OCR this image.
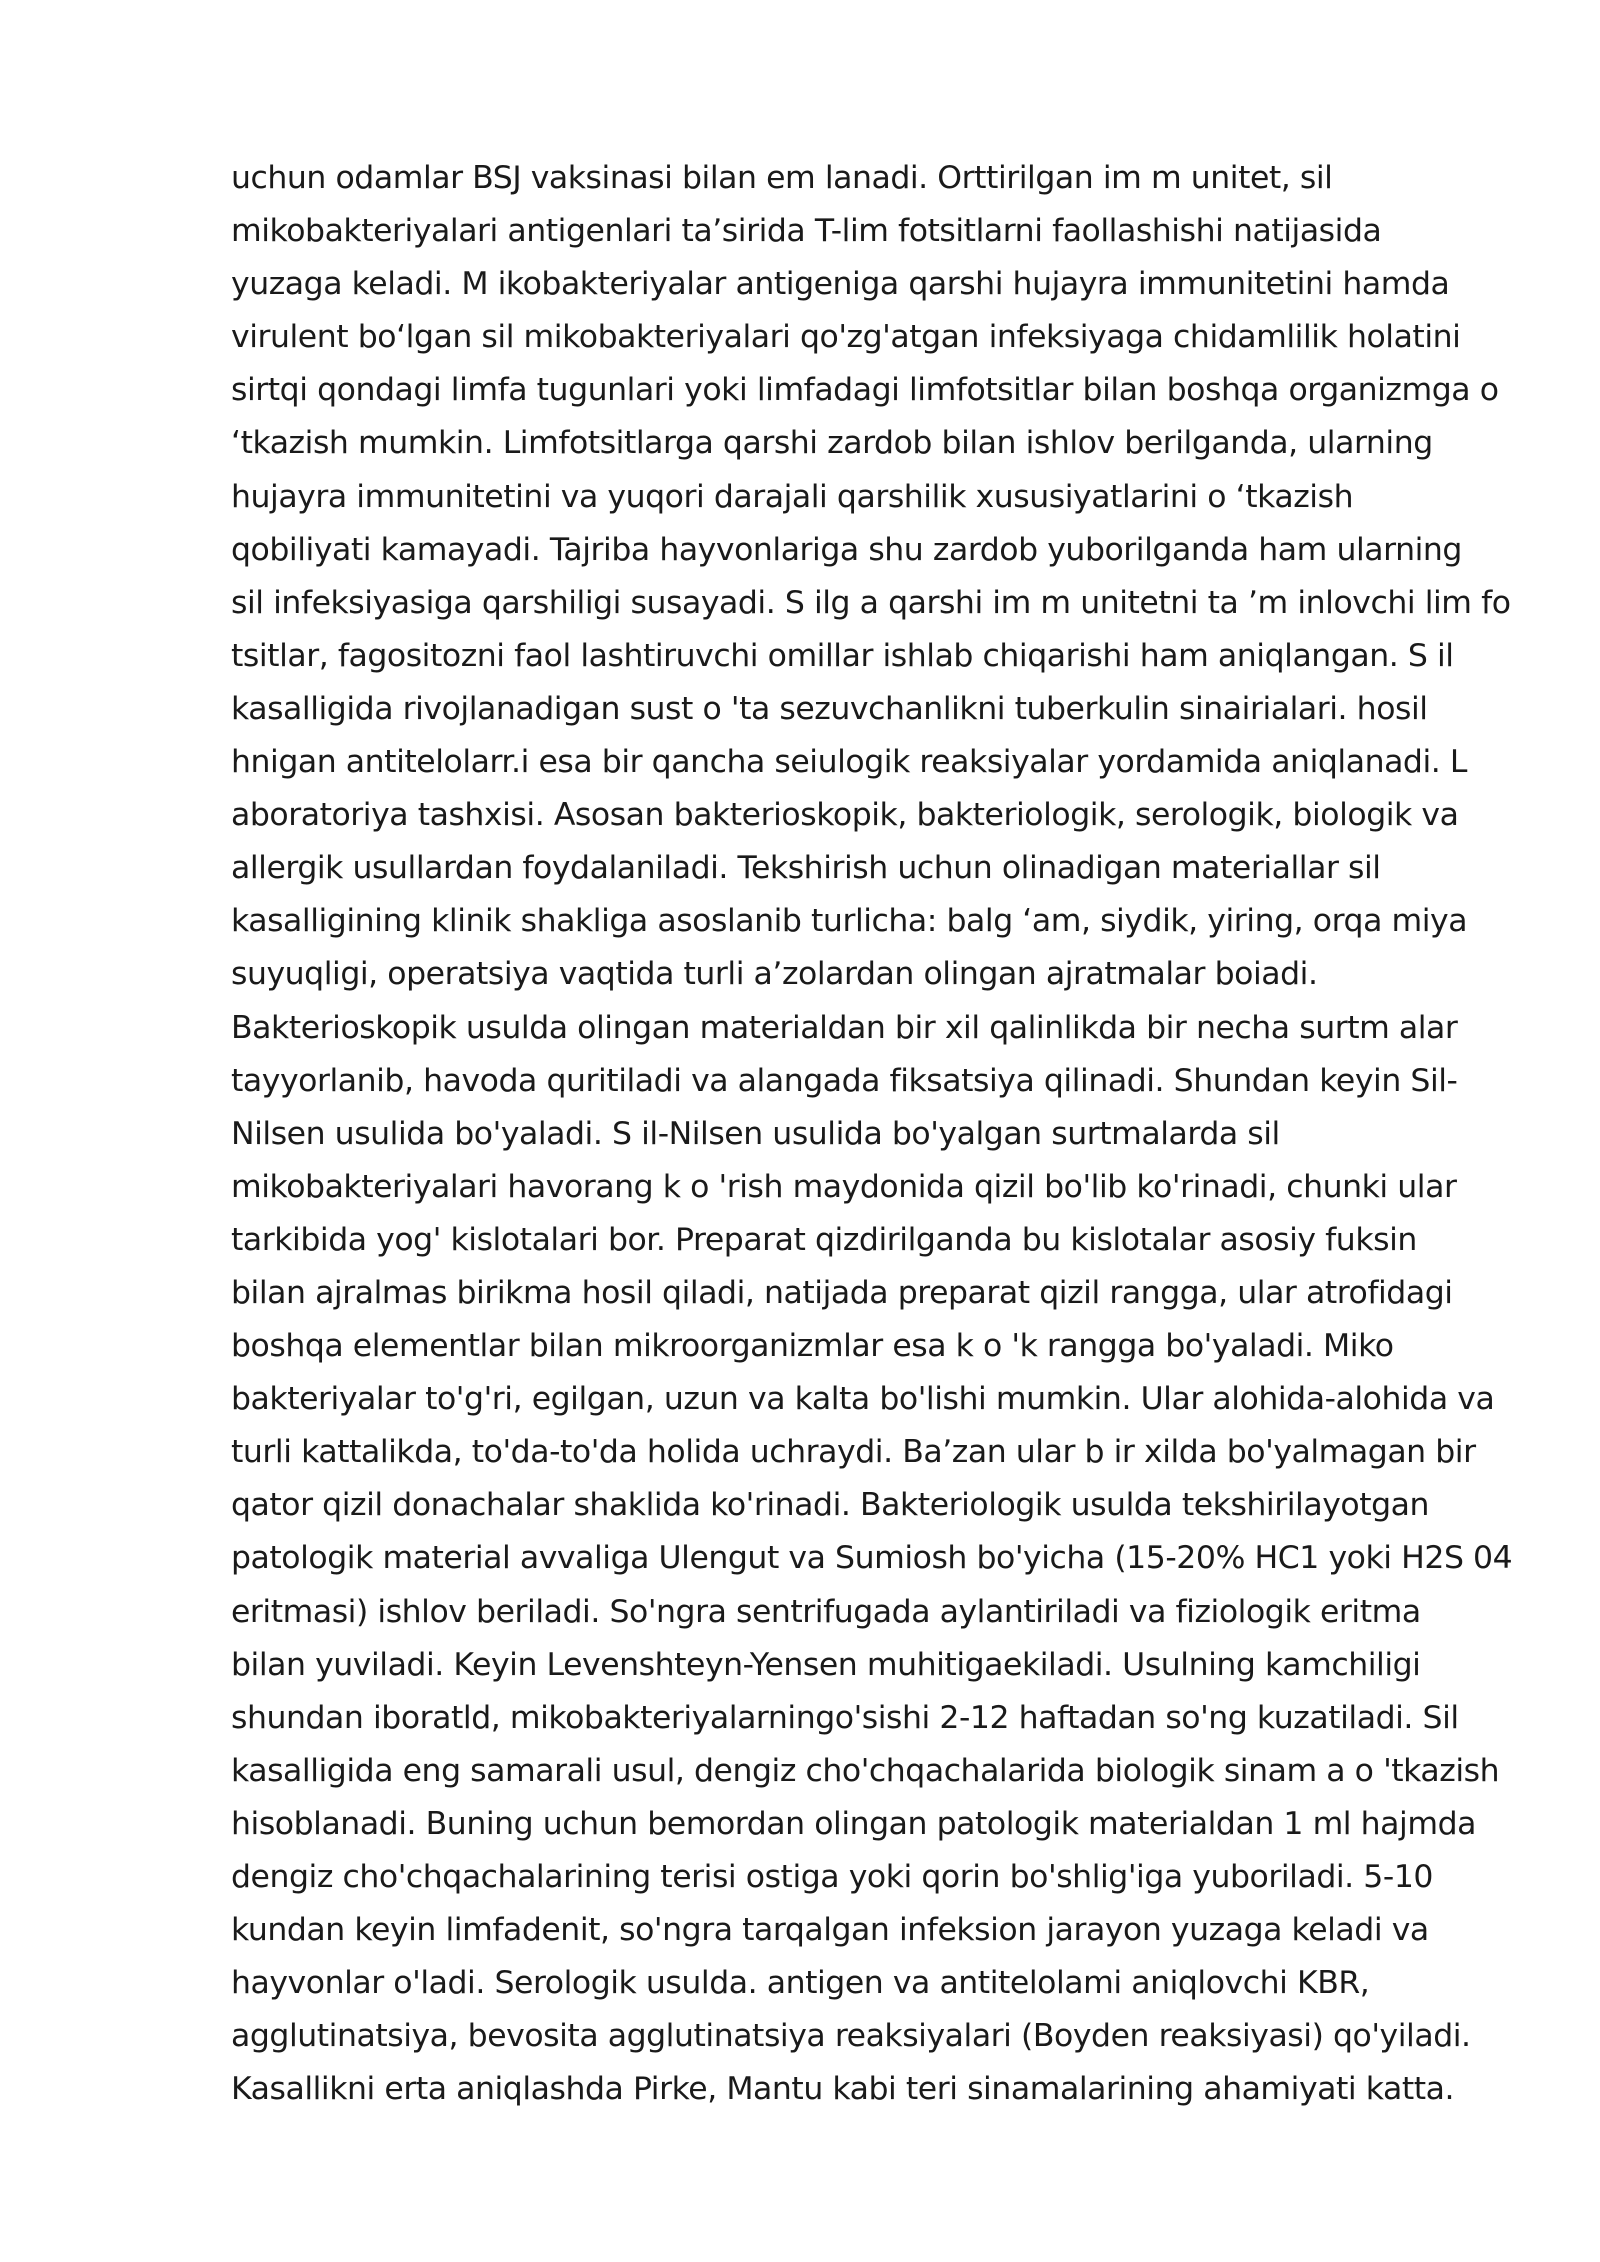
uchun odamlar BSJ vaksinasi bilan em lanadi. Orttirilgan im m unitet, sil
mikobakteriyalari antigenlari ta’sirida T-lim fotsitlarni faollashishi natijasida
yuzaga keladi. M ikobakteriyalar antigeniga qarshi hujayra immunitetini hamda
virulent bo‘lgan sil mikobakteriyalari qo'zg'atgan infeksiyaga chidamlilik holatini
sirtqi qondagi limfa tugunlari yoki limfadagi limfotsitlar bilan boshqa organizmga o
‘tkazish mumkin. Limfotsitlarga qarshi zardob bilan ishlov berilganda, ularning
hujayra immunitetini va yuqori darajali qarshilik xususiyatlarini o ‘tkazish
qobiliyati kamayadi. Tajriba hayvonlariga shu zardob yuborilganda ham ularning
sil infeksiyasiga qarshiligi susayadi. S ilg a qarshi im m unitetni ta ’m inlovchi lim fo
tsitlar, fagositozni faol lashtiruvchi omillar ishlab chiqarishi ham aniqlangan. S il
kasalligida rivojlanadigan sust o 'ta sezuvchanlikni tuberkulin sinairialari. hosil
hnigan antitelolarr.i esa bir qancha seiulogik reaksiyalar yordamida aniqlanadi. L
aboratoriya tashxisi. Asosan bakterioskopik, bakteriologik, serologik, biologik va
allergik usullardan foydalaniladi. Tekshirish uchun olinadigan materiallar sil
kasalligining klinik shakliga asoslanib turlicha: balg ‘am, siydik, yiring, orqa miya
suyuqligi, operatsiya vaqtida turli a’zolardan olingan ajratmalar boiadi.
Bakterioskopik usulda olingan materialdan bir xil qalinlikda bir necha surtm alar
tayyorlanib, havoda quritiladi va alangada fiksatsiya qilinadi. Shundan keyin Sil-
Nilsen usulida bo'yaladi. S il-Nilsen usulida bo'yalgan surtmalarda sil
mikobakteriyalari havorang k o 'rish maydonida qizil bo'lib ko'rinadi, chunki ular
tarkibida yog' kislotalari bor. Preparat qizdirilganda bu kislotalar asosiy fuksin
bilan ajralmas birikma hosil qiladi, natijada preparat qizil rangga, ular atrofidagi
boshqa elementlar bilan mikroorganizmlar esa k o 'k rangga bo'yaladi. Miko
bakteriyalar to'g'ri, egilgan, uzun va kalta bo'lishi mumkin. Ular alohida-alohida va
turli kattalikda, to'da-to'da holida uchraydi. Ba’zan ular b ir xilda bo'yalmagan bir
qator qizil donachalar shaklida ko'rinadi. Bakteriologik usulda tekshirilayotgan
patologik material avvaliga Ulengut va Sumiosh bo'yicha (15-20% HC1 yoki H2S 04
eritmasi) ishlov beriladi. So'ngra sentrifugada aylantiriladi va fiziologik eritma
bilan yuviladi. Keyin Levenshteyn-Yensen muhitigaekiladi. Usulning kamchiligi
shundan iboratld, mikobakteriyalarningo'sishi 2-12 haftadan so'ng kuzatiladi. Sil
kasalligida eng samarali usul, dengiz cho'chqachalarida biologik sinam a o 'tkazish
hisoblanadi. Buning uchun bemordan olingan patologik materialdan 1 ml hajmda
dengiz cho'chqachalarining terisi ostiga yoki qorin bo'shlig'iga yuboriladi. 5-10
kundan keyin limfadenit, so'ngra tarqalgan infeksion jarayon yuzaga keladi va
hayvonlar o'ladi. Serologik usulda. antigen va antitelolami aniqlovchi KBR,
agglutinatsiya, bevosita agglutinatsiya reaksiyalari (Boyden reaksiyasi) qo'yiladi.
Kasallikni erta aniqlashda Pirke, Mantu kabi teri sinamalarining ahamiyati katta.
